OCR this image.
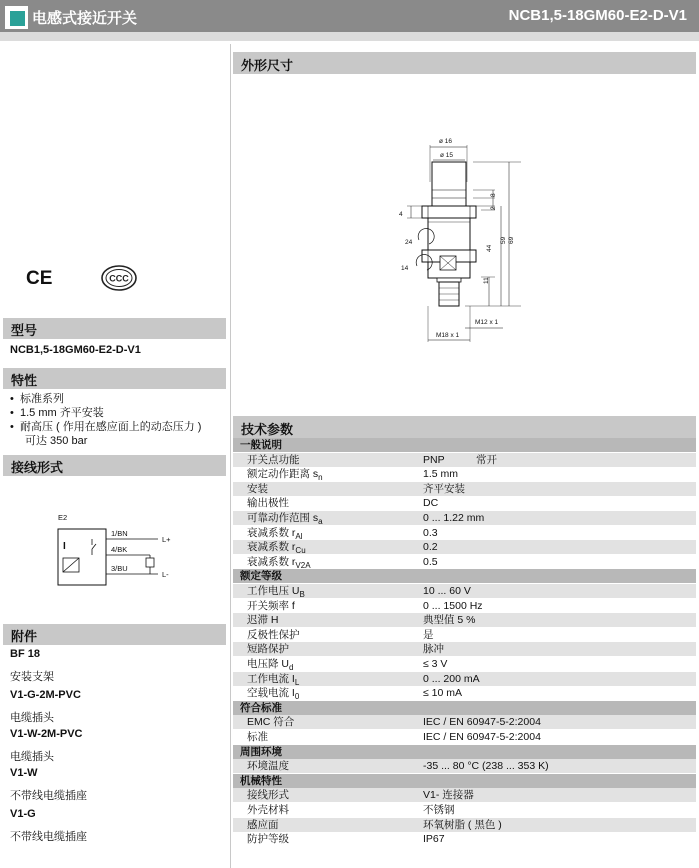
电感式接近开关	NCB1,5-18GM60-E2-D-V1
CE	CCC
型号
NCB1,5-18GM60-E2-D-V1
特性
•  标准系列
•  1.5 mm 齐平安装
•  耐高压 ( 作用在感应面上的动态压力 )
可达 350 bar
接线形式
E2
I
1/BN
4/BK
3/BU
L+
L-
附件
BF 18
安装支架
V1-G-2M-PVC
电缆插头
V1-W-2M-PVC
电缆插头
V1-W
不带线电缆插座
V1-G
不带线电缆插座
外形尺寸
ø 16
ø 15
8
2
59
44
69
11
4
24
14
M12 x 1
M18 x 1
技术参数
一般说明
开关点功能	PNP	常开
额定动作距离 $s_n$	1.5 mm
安装	齐平安装
输出极性	DC
可靠动作范围 $s_a$	0 ... 1.22 mm
衰减系数 $r_{Al}$	0.3
衰减系数 $r_{Cu}$	0.2
衰减系数 $r_{V2A}$	0.5
额定等级
工作电压 $U_B$	10 ... 60 V
开关频率 f	0 ... 1500 Hz
迟滞 H	典型值 5 %
反极性保护	是
短路保护	脉冲
电压降 $U_d$	≤ 3 V
工作电流 $I_L$	0 ... 200 mA
空载电流 $I_0$	≤ 10 mA
符合标准
EMC 符合	IEC / EN 60947-5-2:2004
标准	IEC / EN 60947-5-2:2004
周围环境
环境温度	-35 ... 80 °C (238 ... 353 K)
机械特性
接线形式	V1- 连接器
外壳材料	不锈钢
感应面	环氧树脂 ( 黑色 )
防护等级	IP67
